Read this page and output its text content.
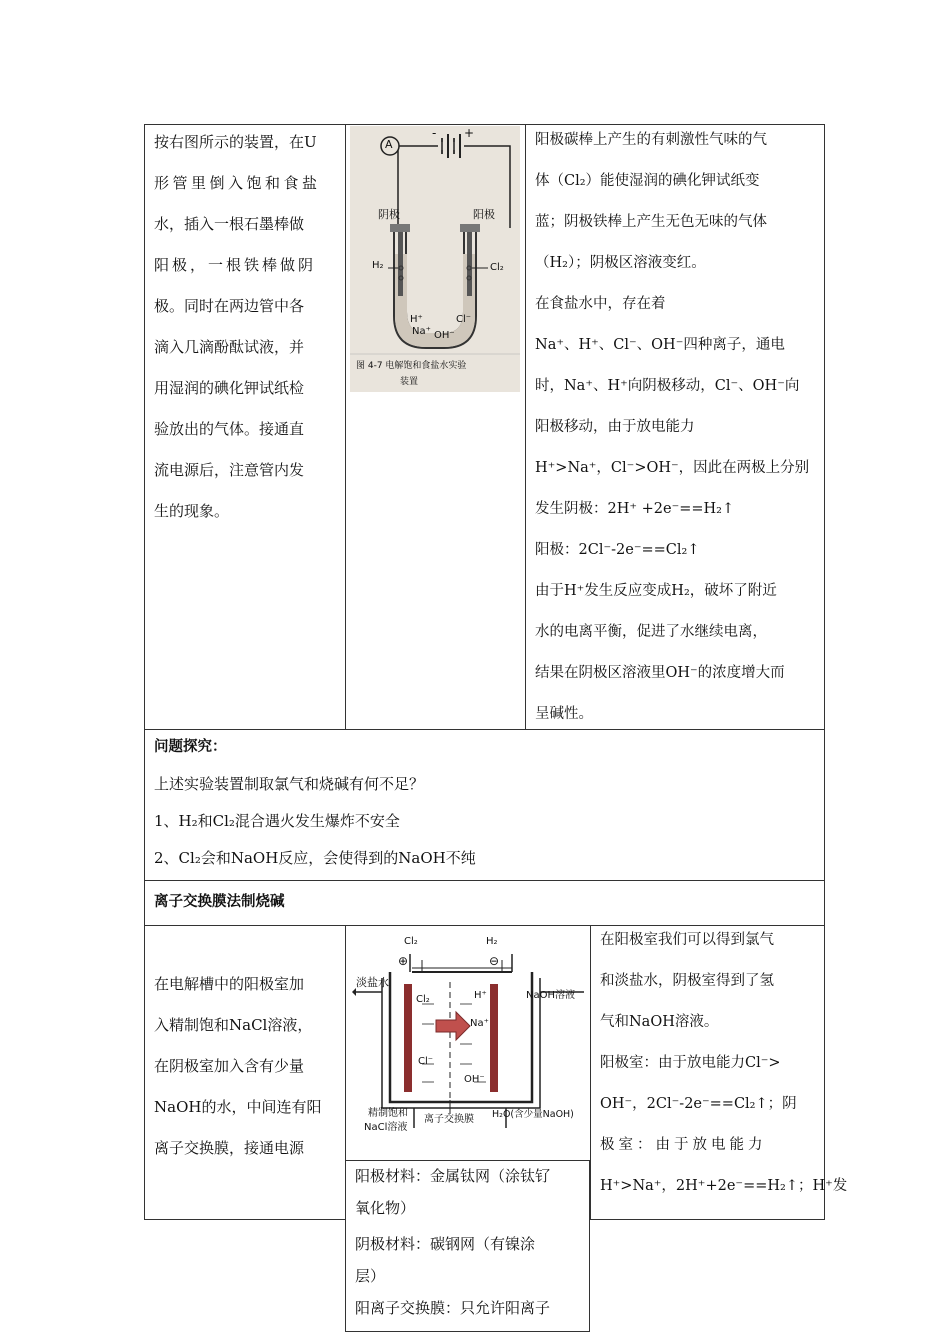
按右图所示的装置，在U

形管里倒入饱和食盐

水，插入一根石墨棒做

阳极，一根铁棒做阴

极。同时在两边管中各

滴入几滴酚酞试液，并

用湿润的碘化钾试纸检

验放出的气体。接通直

流电源后，注意管内发

生的现象。

A
- +
阴极	阳极
H₂	Cl₂
H⁺
Na⁺ OH⁻
Cl⁻
图 4-7 电解饱和食盐水实验
装置

阳极碳棒上产生的有刺激性气味的气

体（Cl₂）能使湿润的碘化钾试纸变

蓝；阴极铁棒上产生无色无味的气体

（H₂）；阴极区溶液变红。

在食盐水中，存在着

Na⁺、H⁺、Cl⁻、OH⁻四种离子，通电

时，Na⁺、H⁺向阴极移动，Cl⁻、OH⁻向

阳极移动，由于放电能力

H⁺>Na⁺，Cl⁻>OH⁻，因此在两极上分别

发生阴极：2H⁺ +2e⁻==H₂↑

阳极：2Cl⁻-2e⁻==Cl₂↑

由于H⁺发生反应变成H₂，破坏了附近

水的电离平衡，促进了水继续电离，

结果在阴极区溶液里OH⁻的浓度增大而

呈碱性。

问题探究：

上述实验装置制取氯气和烧碱有何不足？

1、H₂和Cl₂混合遇火发生爆炸不安全

2、Cl₂会和NaOH反应，会使得到的NaOH不纯

离子交换膜法制烧碱

在电解槽中的阳极室加

入精制饱和NaCl溶液，

在阴极室加入含有少量

NaOH的水，中间连有阳

离子交换膜，接通电源

Cl₂	H₂
⊕	⊖
淡盐水
NaOH溶液
Cl₂	H⁺
Na⁺
Cl⁻
OH⁻
精制饱和
NaCl溶液
离子交换膜 H₂O(含少量NaOH)

阳极材料：金属钛网（涂钛钌

氧化物）

阴极材料：碳钢网（有镍涂

层）

阳离子交换膜：只允许阳离子

在阳极室我们可以得到氯气

和淡盐水，阴极室得到了氢

气和NaOH溶液。

阳极室：由于放电能力Cl⁻>

OH⁻，2Cl⁻-2e⁻==Cl₂↑；阴

极室：由于放电能力

H⁺>Na⁺，2H⁺+2e⁻==H₂↑；H⁺发
